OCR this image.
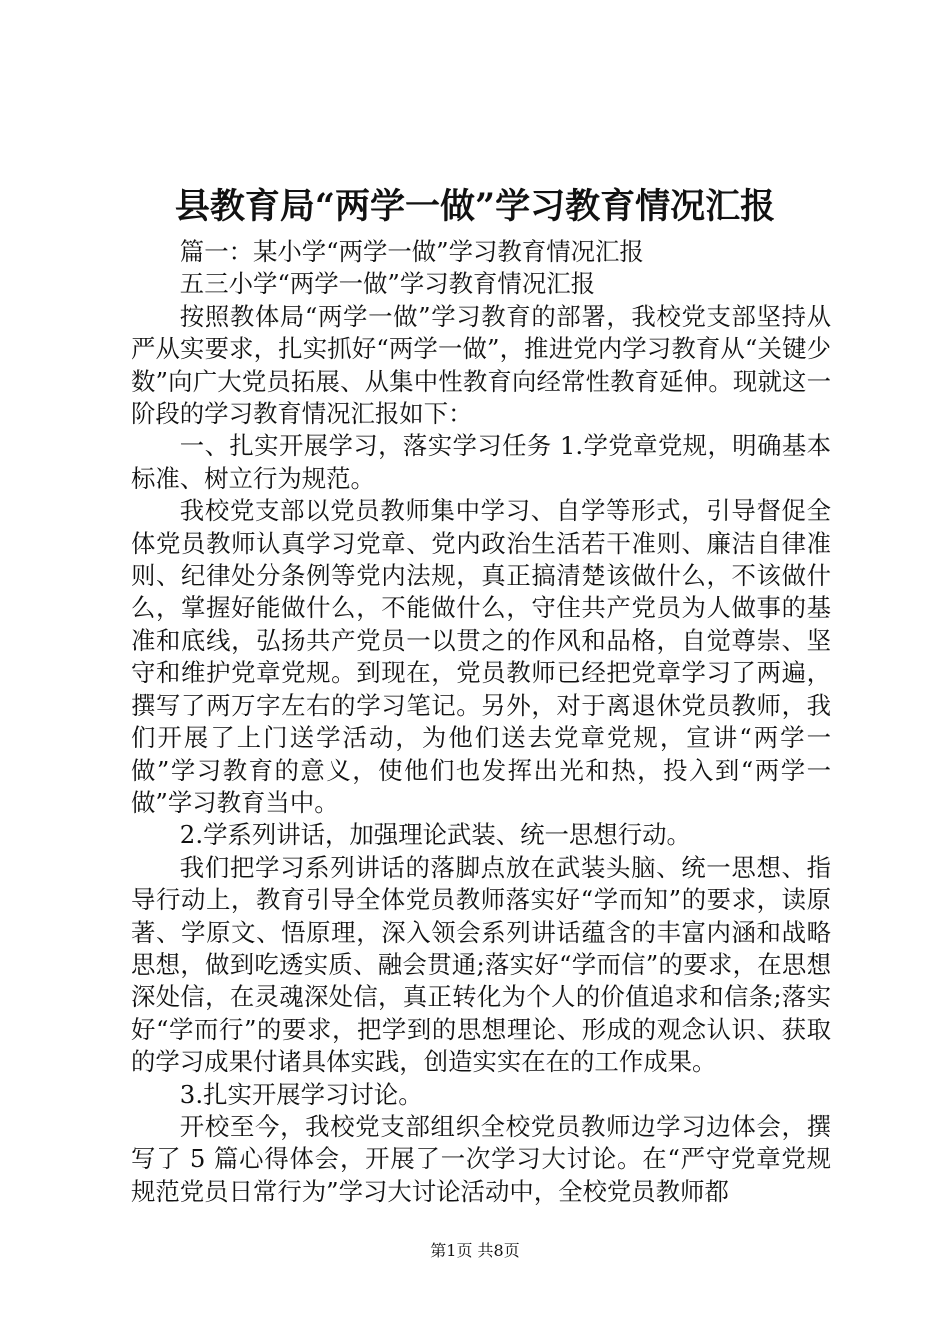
县教育局“两学一做”学习教育情况汇报

篇一：某小学“两学一做”学习教育情况汇报

五三小学“两学一做”学习教育情况汇报

按照教体局“两学一做”学习教育的部署，我校党支部坚持从严从实要求，扎实抓好“两学一做”，推进党内学习教育从“关键少数”向广大党员拓展、从集中性教育向经常性教育延伸。现就这一阶段的学习教育情况汇报如下：

一、扎实开展学习，落实学习任务 1.学党章党规，明确基本标准、树立行为规范。

我校党支部以党员教师集中学习、自学等形式，引导督促全体党员教师认真学习党章、党内政治生活若干准则、廉洁自律准则、纪律处分条例等党内法规，真正搞清楚该做什么，不该做什么，掌握好能做什么，不能做什么，守住共产党员为人做事的基准和底线，弘扬共产党员一以贯之的作风和品格，自觉尊崇、坚守和维护党章党规。到现在，党员教师已经把党章学习了两遍，撰写了两万字左右的学习笔记。另外，对于离退休党员教师，我们开展了上门送学活动，为他们送去党章党规，宣讲“两学一做”学习教育的意义，使他们也发挥出光和热，投入到“两学一做”学习教育当中。

2.学系列讲话，加强理论武装、统一思想行动。

我们把学习系列讲话的落脚点放在武装头脑、统一思想、指导行动上，教育引导全体党员教师落实好“学而知”的要求，读原著、学原文、悟原理，深入领会系列讲话蕴含的丰富内涵和战略思想，做到吃透实质、融会贯通;落实好“学而信”的要求，在思想深处信，在灵魂深处信，真正转化为个人的价值追求和信条;落实好“学而行”的要求，把学到的思想理论、形成的观念认识、获取的学习成果付诸具体实践，创造实实在在的工作成果。

3.扎实开展学习讨论。

开校至今，我校党支部组织全校党员教师边学习边体会，撰写了 5 篇心得体会，开展了一次学习大讨论。在“严守党章党规规范党员日常行为”学习大讨论活动中，全校党员教师都

第1页 共8页
